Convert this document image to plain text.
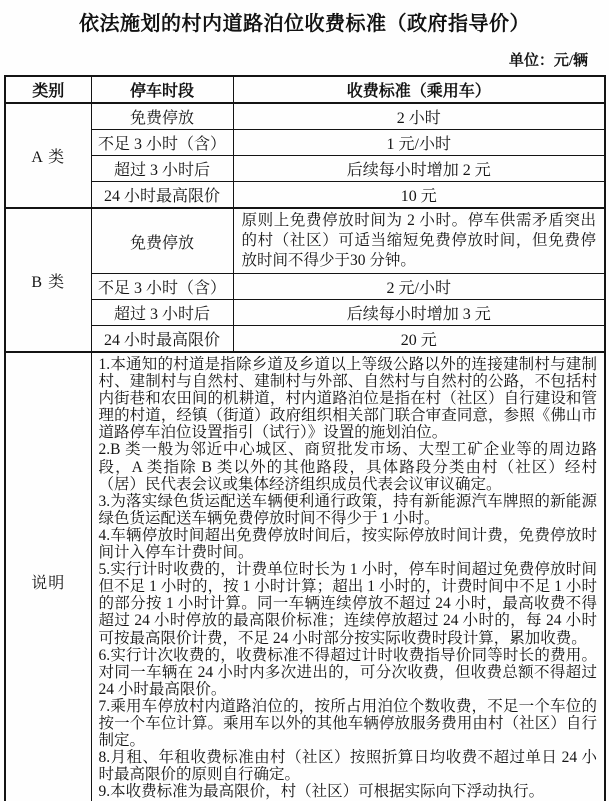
依法施划的村内道路泊位收费标准（政府指导价）
单位：元/辆
类别	停车时段	收费标准（乘用车）
A 类	免费停放	2 小时
	不足 3 小时（含）	1 元/小时
	超过 3 小时后	后续每小时增加 2 元
	24 小时最高限价	10 元
B 类	免费停放	原则上免费停放时间为 2 小时。停车供需矛盾突出的村（社区）可适当缩短免费停放时间，但免费停放时间不得少于30 分钟。
	不足 3 小时（含）	2 元/小时
	超过 3 小时后	后续每小时增加 3 元
	24 小时最高限价	20 元
说明	

1.本通知的村道是指除乡道及乡道以上等级公路以外的连接建制村与建制村、建制村与自然村、建制村与外部、自然村与自然村的公路，不包括村内街巷和农田间的机耕道，村内道路泊位是指在村（社区）自行建设和管理的村道，经镇（街道）政府组织相关部门联合审查同意，参照《佛山市道路停车泊位设置指引（试行）》设置的施划泊位。

2.B 类一般为邻近中心城区、商贸批发市场、大型工矿企业等的周边路段，A 类指除 B 类以外的其他路段，具体路段分类由村（社区）经村（居）民代表会议或集体经济组织成员代表会议审议确定。

3.为落实绿色货运配送车辆便利通行政策，持有新能源汽车牌照的新能源绿色货运配送车辆免费停放时间不得少于 1 小时。

4.车辆停放时间超出免费停放时间后，按实际停放时间计费，免费停放时间计入停车计费时间。

5.实行计时收费的，计费单位时长为 1 小时，停车时间超过免费停放时间但不足 1 小时的，按 1 小时计算；超出 1 小时的，计费时间中不足 1 小时的部分按 1 小时计算。同一车辆连续停放不超过 24 小时，最高收费不得超过 24 小时停放的最高限价标准；连续停放超过 24 小时的，每 24 小时可按最高限价计费，不足 24 小时部分按实际收费时段计算，累加收费。

6.实行计次收费的，收费标准不得超过计时收费指导价同等时长的费用。对同一车辆在 24 小时内多次进出的，可分次收费，但收费总额不得超过 24 小时最高限价。

7.乘用车停放村内道路泊位的，按所占用泊位个数收费，不足一个车位的按一个车位计算。乘用车以外的其他车辆停放服务费用由村（社区）自行制定。

8.月租、年租收费标准由村（社区）按照折算日均收费不超过单日 24 小时最高限价的原则自行确定。

9.本收费标准为最高限价，村（社区）可根据实际向下浮动执行。
